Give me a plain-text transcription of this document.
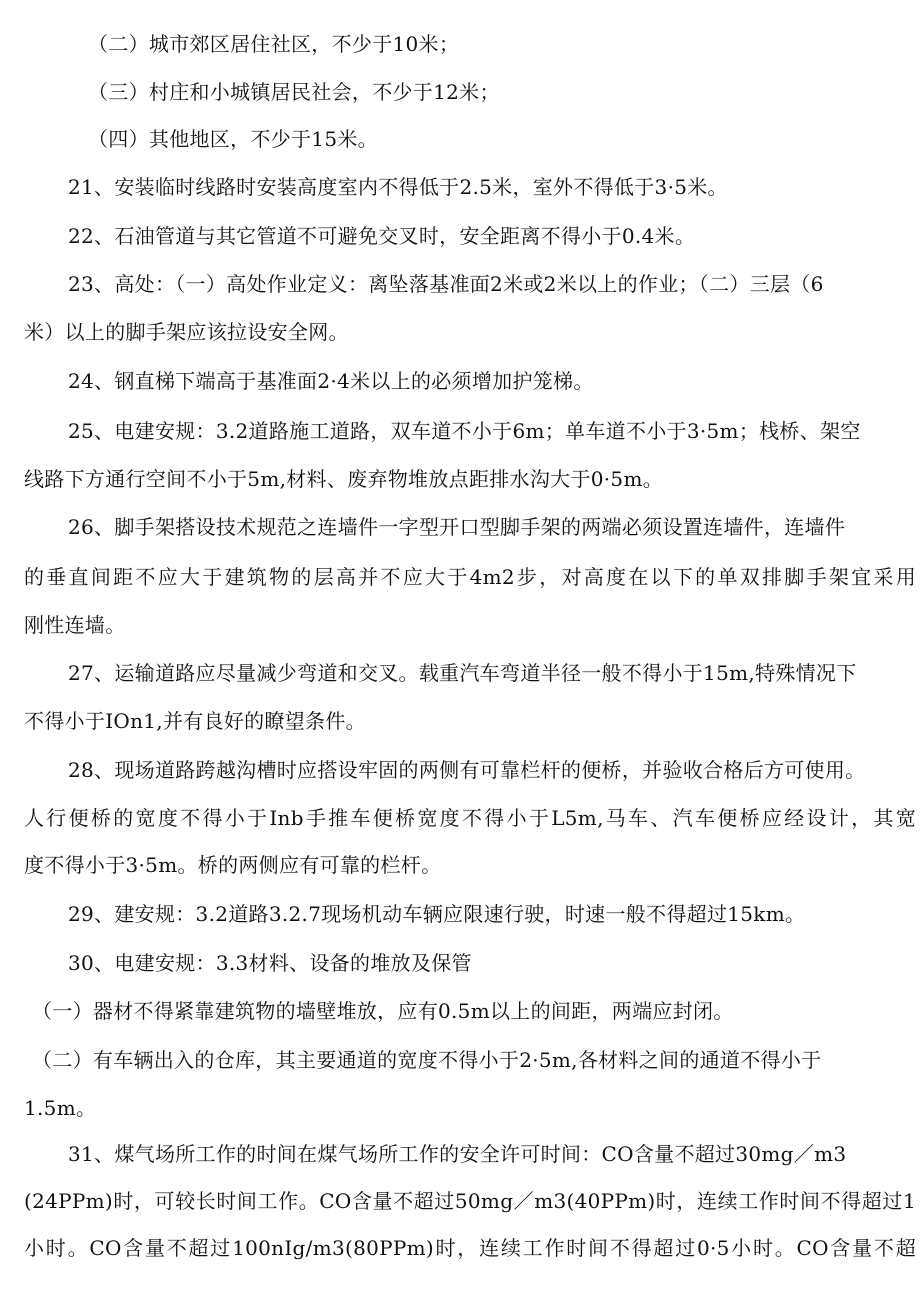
（二）城市郊区居住社区，不少于10米；
（三）村庄和小城镇居民社会，不少于12米；
（四）其他地区，不少于15米。
21、安装临时线路时安装高度室内不得低于2.5米，室外不得低于3·5米。
22、石油管道与其它管道不可避免交叉时，安全距离不得小于0.4米。
23、高处：（一）高处作业定义：离坠落基准面2米或2米以上的作业；（二）三层（6
米）以上的脚手架应该拉设安全网。
24、钢直梯下端高于基准面2·4米以上的必须增加护笼梯。
25、电建安规：3.2道路施工道路，双车道不小于6m；单车道不小于3·5m；栈桥、架空
线路下方通行空间不小于5m,材料、废弃物堆放点距排水沟大于0·5m。
26、脚手架搭设技术规范之连墙件一字型开口型脚手架的两端必须设置连墙件，连墙件
的垂直间距不应大于建筑物的层高并不应大于4m2步，对高度在以下的单双排脚手架宜采用
刚性连墙。
27、运输道路应尽量减少弯道和交叉。载重汽车弯道半径一般不得小于15m,特殊情况下
不得小于IOn1,并有良好的瞭望条件。
28、现场道路跨越沟槽时应搭设牢固的两侧有可靠栏杆的便桥，并验收合格后方可使用。
人行便桥的宽度不得小于Inb手推车便桥宽度不得小于L5m,马车、汽车便桥应经设计，其宽
度不得小于3·5m。桥的两侧应有可靠的栏杆。
29、建安规：3.2道路3.2.7现场机动车辆应限速行驶，时速一般不得超过15km。
30、电建安规：3.3材料、设备的堆放及保管
（一）器材不得紧靠建筑物的墙壁堆放，应有0.5m以上的间距，两端应封闭。
（二）有车辆出入的仓库，其主要通道的宽度不得小于2·5m,各材料之间的通道不得小于
1.5m。
31、煤气场所工作的时间在煤气场所工作的安全许可时间：CO含量不超过30mg／m3
(24PPm)时，可较长时间工作。CO含量不超过50mg／m3(40PPm)时，连续工作时间不得超过1
小时。CO含量不超过100nIg/m3(80PPm)时，连续工作时间不得超过0·5小时。CO含量不超
